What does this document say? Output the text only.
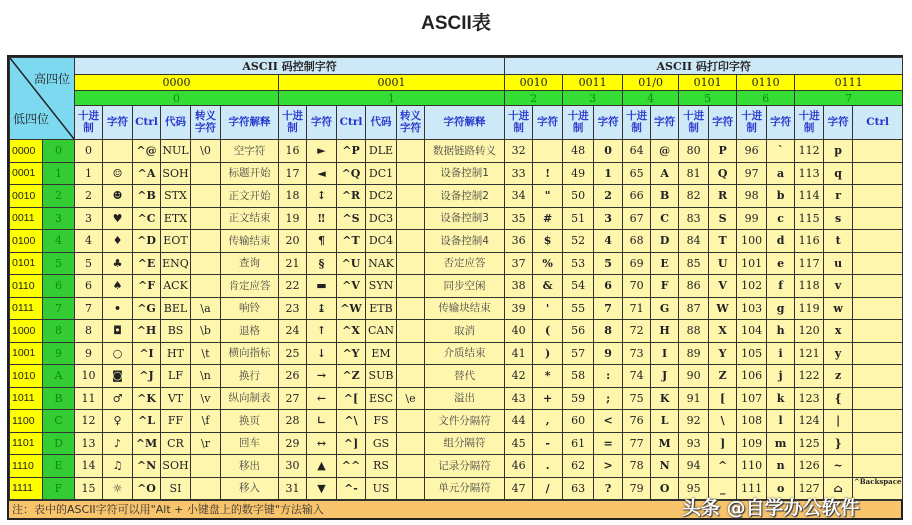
ASCII表
高四位
低四位		ASCII 码控制字符												ASCII 码打印字符												
		0000						0001						0010		0011		01/0		0101		0110		0111		
		0						1						2		3		4		5		6		7		
		十进制	字符	Ctrl	代码	转义字符	字符解释	十进制	字符	Ctrl	代码	转义字符	字符解释	十进制	字符	十进制	字符	十进制	字符	十进制	字符	十进制	字符	十进制	字符	Ctrl
0000	0	0		^@	NUL	\0	空字符	16	►	^P	DLE		数据链路转义	32		48	0	64	@	80	P	96	`	112	p	
0001	1	1	☺	^A	SOH		标题开始	17	◄	^Q	DC1		设备控制1	33	!	49	1	65	A	81	Q	97	a	113	q	
0010	2	2	☻	^B	STX		正文开始	18	↕	^R	DC2		设备控制2	34	"	50	2	66	B	82	R	98	b	114	r	
0011	3	3	♥	^C	ETX		正文结束	19	‼	^S	DC3		设备控制3	35	#	51	3	67	C	83	S	99	c	115	s	
0100	4	4	♦	^D	EOT		传输结束	20	¶	^T	DC4		设备控制4	36	$	52	4	68	D	84	T	100	d	116	t	
0101	5	5	♣	^E	ENQ		查询	21	§	^U	NAK		否定应答	37	%	53	5	69	E	85	U	101	e	117	u	
0110	6	6	♠	^F	ACK		肯定应答	22	▬	^V	SYN		同步空闲	38	&	54	6	70	F	86	V	102	f	118	v	
0111	7	7	•	^G	BEL	\a	响铃	23	↨	^W	ETB		传输块结束	39	'	55	7	71	G	87	W	103	g	119	w	
1000	8	8	◘	^H	BS	\b	退格	24	↑	^X	CAN		取消	40	(	56	8	72	H	88	X	104	h	120	x	
1001	9	9	○	^I	HT	\t	横向指标	25	↓	^Y	EM		介质结束	41	)	57	9	73	I	89	Y	105	i	121	y	
1010	A	10	◙	^J	LF	\n	换行	26	→	^Z	SUB		替代	42	*	58	:	74	J	90	Z	106	j	122	z	
1011	B	11	♂	^K	VT	\v	纵向制表	27	←	^[	ESC	\e	溢出	43	+	59	;	75	K	91	[	107	k	123	{	
1100	C	12	♀	^L	FF	\f	换页	28	∟	^\	FS		文件分隔符	44	,	60	<	76	L	92	\	108	l	124	|	
1101	D	13	♪	^M	CR	\r	回车	29	↔	^]	GS		组分隔符	45	-	61	=	77	M	93	]	109	m	125	}	
1110	E	14	♫	^N	SOH		移出	30	▲	^^	RS		记录分隔符	46	.	62	>	78	N	94	^	110	n	126	~	
1111	F	15	☼	^O	SI		移入	31	▼	^-	US		单元分隔符	47	/	63	?	79	O	95	_	111	o	127	⌂	^Backspace
注：表中的ASCII字符可以用"Alt + 小键盘上的数字键"方法输入	头条 @自学办公软件
